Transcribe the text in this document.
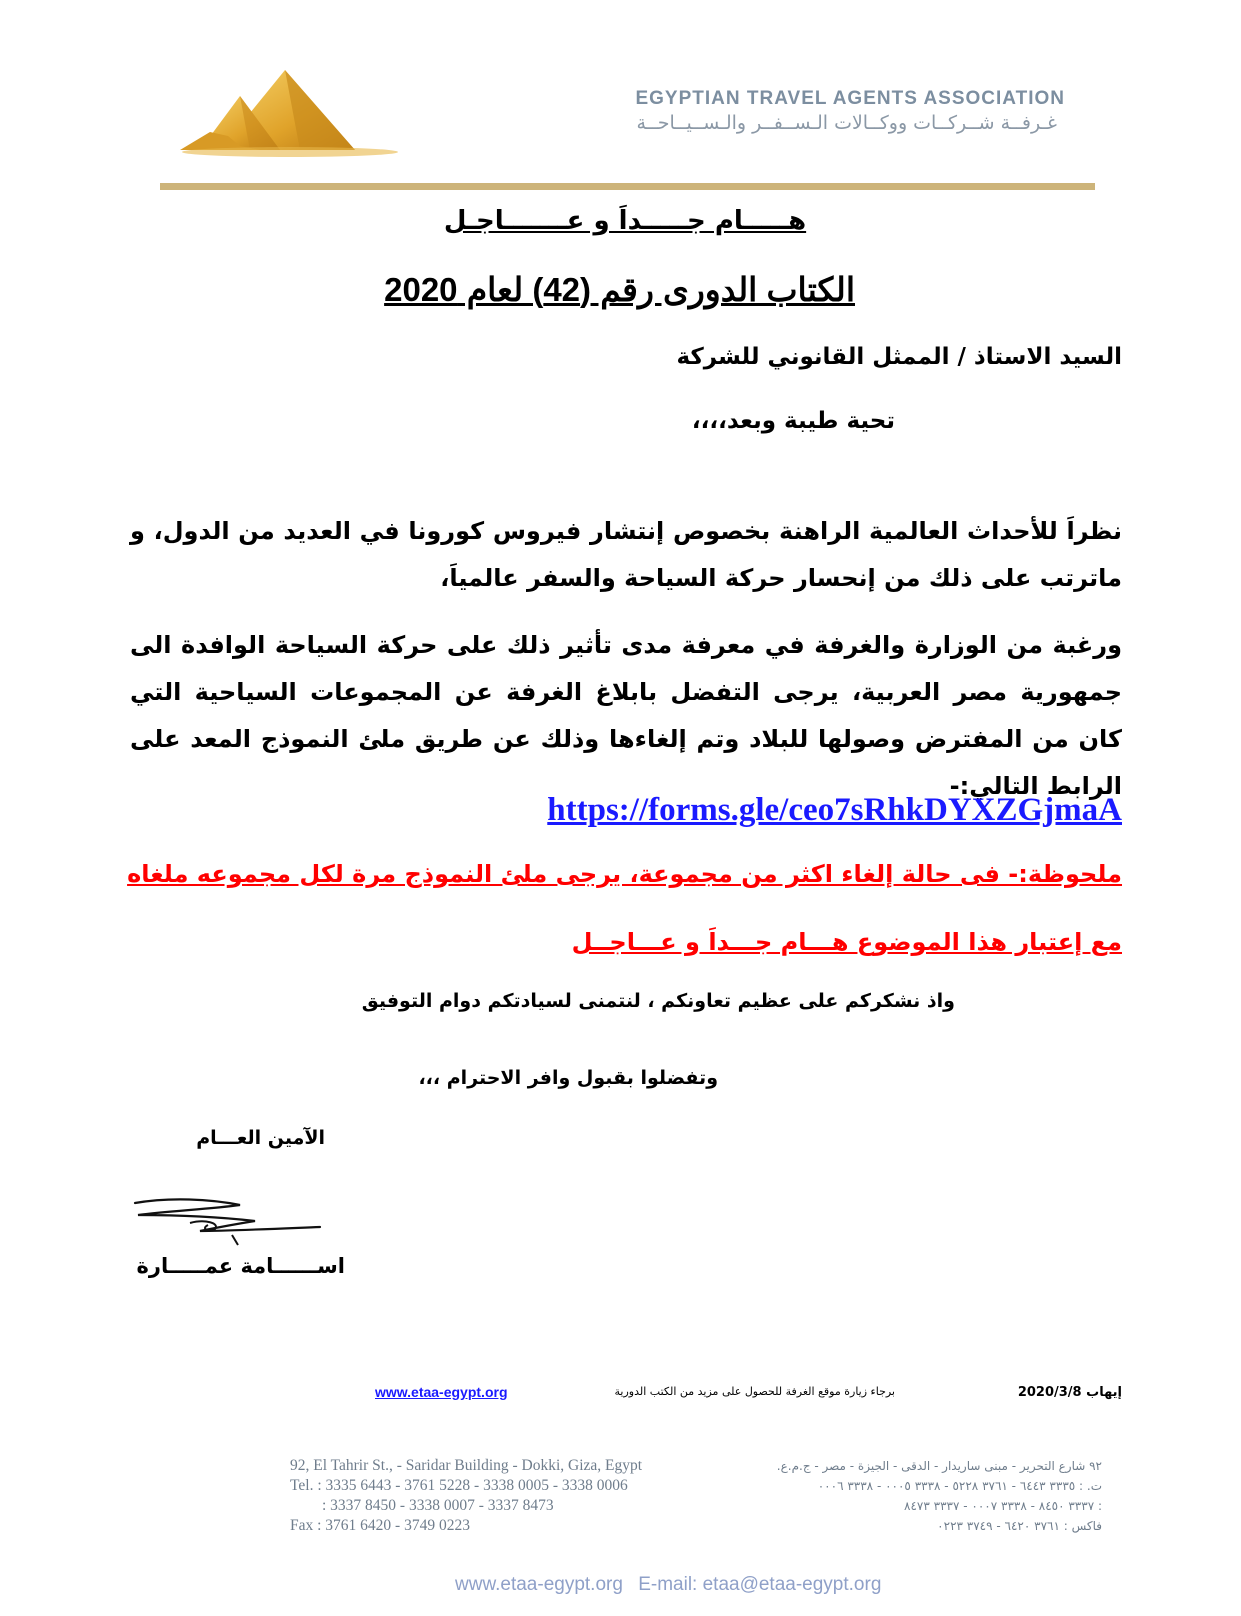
EGYPTIAN TRAVEL AGENTS ASSOCIATION
غـرفــة شــركــات ووكــالات الـســفــر والـســيــاحــة
هـــــام جـــــداَ و عـــــــاجـل
الكتاب الدورى رقم (42) لعام 2020
السيد الاستاذ / الممثل القانوني للشركة
تحية طيبة وبعد،،،،
نظراَ للأحداث العالمية الراهنة بخصوص إنتشار فيروس كورونا في العديد من الدول، و ماترتب على ذلك من إنحسار حركة السياحة والسفر عالمياَ،
ورغبة من الوزارة والغرفة في معرفة مدى تأثير ذلك على حركة السياحة الوافدة الى جمهورية مصر العربية، يرجى التفضل بابلاغ الغرفة عن المجموعات السياحية التي كان من المفترض وصولها للبلاد وتم إلغاءها وذلك عن طريق ملئ النموذج المعد على الرابط التالي:-
https://forms.gle/ceo7sRhkDYXZGjmaA
ملحوظة:- فى حالة إلغاء اكثر من مجموعة، يرجى ملئ النموذج مرة لكل مجموعه ملغاه
مع إعتبار هذا الموضوع هـــام جـــداَ و عـــاجــل
واذ نشكركم على عظيم تعاونكم ، لنتمنى لسيادتكم دوام التوفيق
وتفضلوا بقبول وافر الاحترام ،،،
الآمين العـــام
اســــــامة عمـــــارة
إيهاب 2020/3/8
برجاء زيارة موقع الغرفة للحصول على مزيد من الكتب الدورية
www.etaa-egypt.org
92, El Tahrir St., - Saridar Building - Dokki, Giza, Egypt
Tel. : 3335 6443 - 3761 5228 - 3338 0005 - 3338 0006
: 3337 8450 - 3338 0007 - 3337 8473
Fax : 3761 6420 - 3749 0223
٩٢ شارع التحرير - مبنى ساريدار - الدقى - الجيزة - مصر - ج.م.ع.
ت. : ٣٣٣٥ ٦٤٤٣ - ٣٧٦١ ٥٢٢٨ - ٣٣٣٨ ٠٠٠٥ - ٣٣٣٨ ٠٠٠٦
: ٣٣٣٧ ٨٤٥٠ - ٣٣٣٨ ٠٠٠٧ - ٣٣٣٧ ٨٤٧٣
فاكس : ٣٧٦١ ٦٤٢٠ - ٣٧٤٩ ٠٢٢٣
www.etaa-egypt.org E-mail: etaa@etaa-egypt.org
